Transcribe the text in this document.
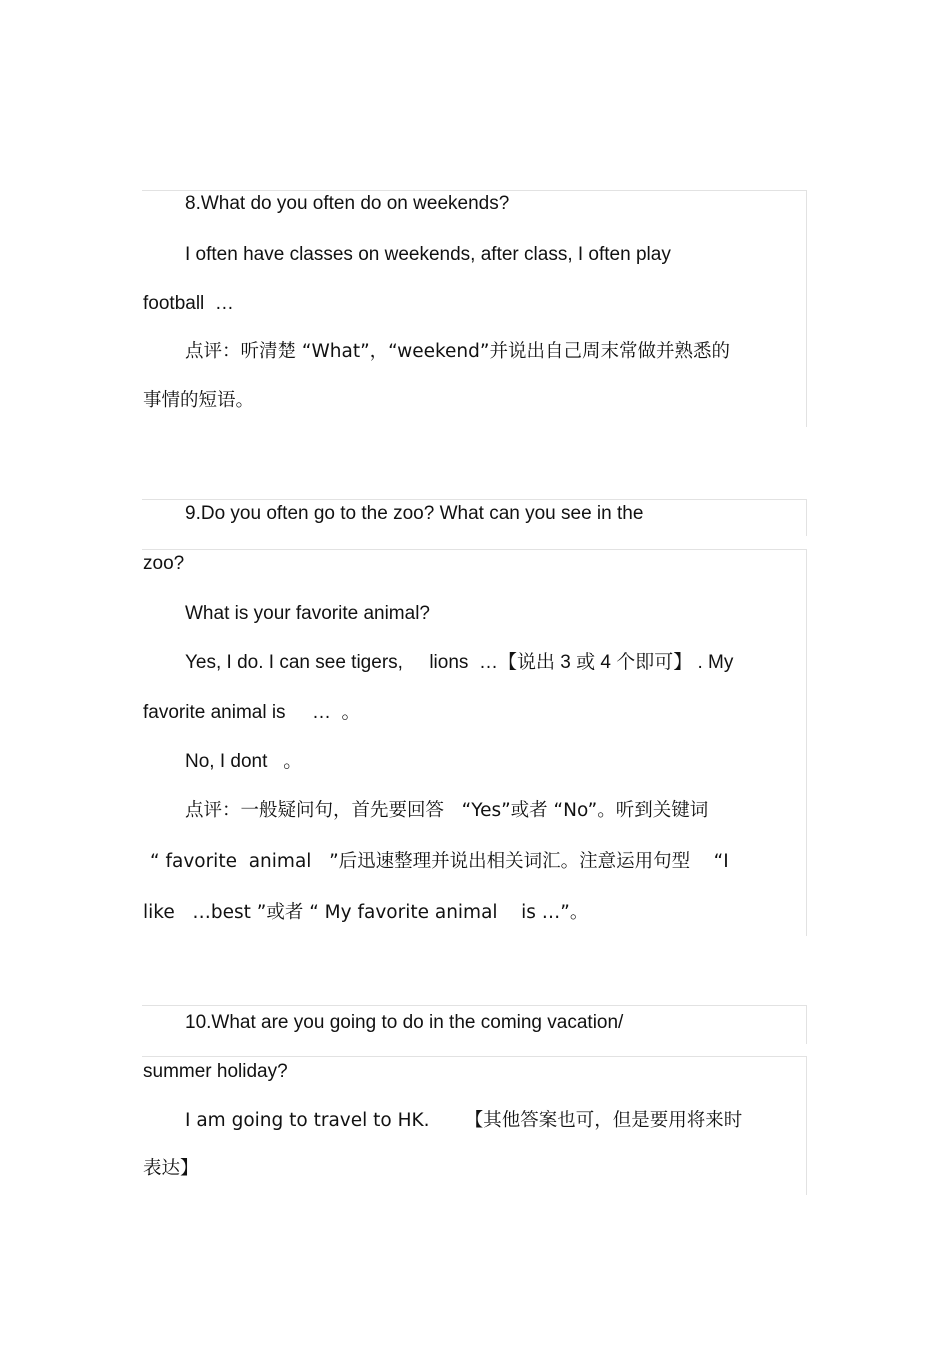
8.What do you often do on weekends?
I often have classes on weekends, after class, I often play
football  …
点评：听清楚 “What”，“weekend”并说出自己周末常做并熟悉的
事情的短语。
9.Do you often go to the zoo? What can you see in the
zoo?
What is your favorite animal?
Yes, I do. I can see tigers,     lions  …【说出 3 或 4 个即可】 . My
favorite animal is     …  。
No, I dont   。
点评：一般疑问句，首先要回答   “Yes”或者 “No”。听到关键词
“ favorite  animal   ”后迅速整理并说出相关词汇。注意运用句型    “I
like   …best ”或者 “ My favorite animal    is …”。
10.What are you going to do in the coming vacation/
summer holiday?
I am going to travel to HK.      【其他答案也可，但是要用将来时
表达】
